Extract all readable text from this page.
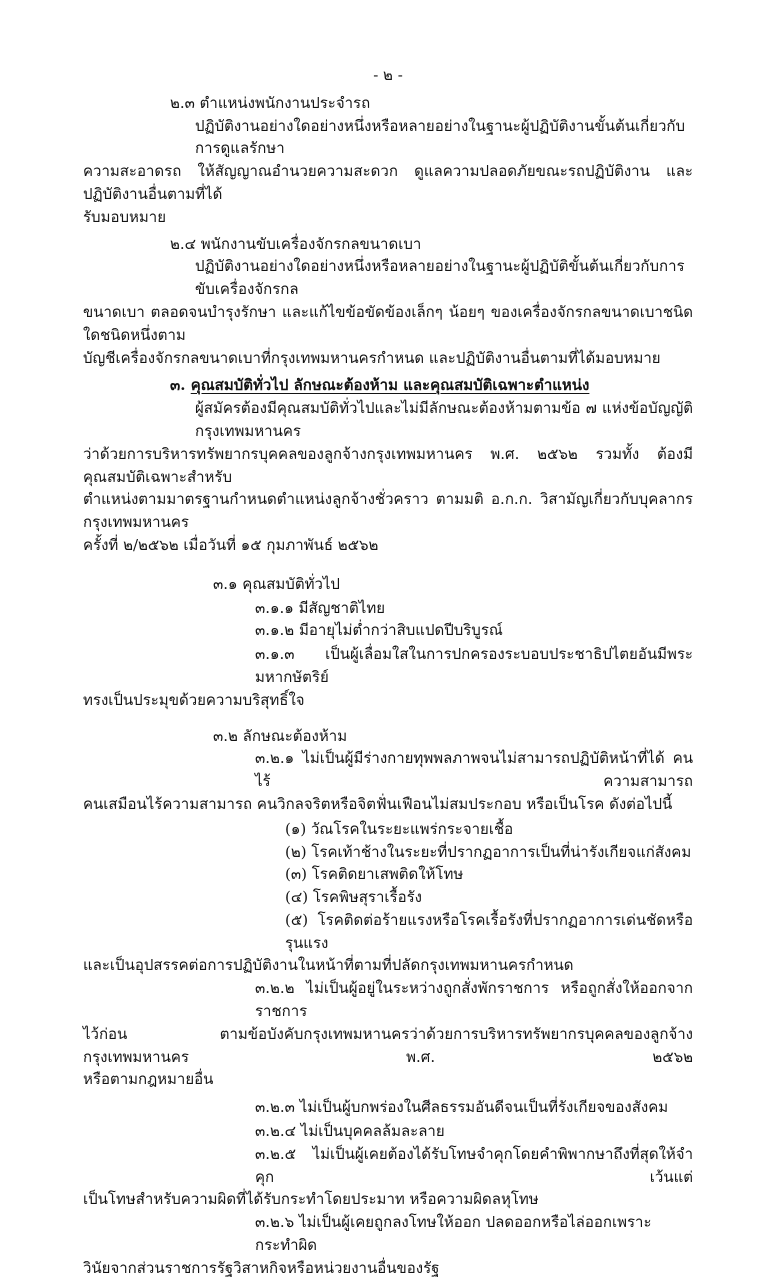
- ๒ -
๒.๓ ตำแหน่งพนักงานประจำรถ
ปฏิบัติงานอย่างใดอย่างหนึ่งหรือหลายอย่างในฐานะผู้ปฏิบัติงานขั้นต้นเกี่ยวกับการดูแลรักษา
ความสะอาดรถ ให้สัญญาณอำนวยความสะดวก ดูแลความปลอดภัยขณะรถปฏิบัติงาน และปฏิบัติงานอื่นตามที่ได้
รับมอบหมาย
๒.๔ พนักงานขับเครื่องจักรกลขนาดเบา
ปฏิบัติงานอย่างใดอย่างหนึ่งหรือหลายอย่างในฐานะผู้ปฏิบัติขั้นต้นเกี่ยวกับการขับเครื่องจักรกล
ขนาดเบา ตลอดจนบำรุงรักษา และแก้ไขข้อขัดข้องเล็กๆ น้อยๆ ของเครื่องจักรกลขนาดเบาชนิดใดชนิดหนึ่งตาม
บัญชีเครื่องจักรกลขนาดเบาที่กรุงเทพมหานครกำหนด และปฏิบัติงานอื่นตามที่ได้มอบหมาย
๓. คุณสมบัติทั่วไป ลักษณะต้องห้าม และคุณสมบัติเฉพาะตำแหน่ง
ผู้สมัครต้องมีคุณสมบัติทั่วไปและไม่มีลักษณะต้องห้ามตามข้อ ๗ แห่งข้อบัญญัติกรุงเทพมหานคร
ว่าด้วยการบริหารทรัพยากรบุคคลของลูกจ้างกรุงเทพมหานคร พ.ศ. ๒๕๖๒ รวมทั้ง ต้องมีคุณสมบัติเฉพาะสำหรับ
ตำแหน่งตามมาตรฐานกำหนดตำแหน่งลูกจ้างชั่วคราว ตามมติ อ.ก.ก. วิสามัญเกี่ยวกับบุคลากรกรุงเทพมหานคร
ครั้งที่ ๒/๒๕๖๒ เมื่อวันที่ ๑๕ กุมภาพันธ์ ๒๕๖๒
๓.๑ คุณสมบัติทั่วไป
๓.๑.๑ มีสัญชาติไทย
๓.๑.๒ มีอายุไม่ต่ำกว่าสิบแปดปีบริบูรณ์
๓.๑.๓ เป็นผู้เลื่อมใสในการปกครองระบอบประชาธิปไตยอันมีพระมหากษัตริย์
ทรงเป็นประมุขด้วยความบริสุทธิ์ใจ
๓.๒ ลักษณะต้องห้าม
๓.๒.๑ ไม่เป็นผู้มีร่างกายทุพพลภาพจนไม่สามารถปฏิบัติหน้าที่ได้ คนไร้ ความสามารถ
คนเสมือนไร้ความสามารถ คนวิกลจริตหรือจิตฟั่นเฟือนไม่สมประกอบ หรือเป็นโรค ดังต่อไปนี้
(๑) วัณโรคในระยะแพร่กระจายเชื้อ
(๒) โรคเท้าช้างในระยะที่ปรากฏอาการเป็นที่น่ารังเกียจแก่สังคม
(๓) โรคติดยาเสพติดให้โทษ
(๔) โรคพิษสุราเรื้อรัง
(๕) โรคติดต่อร้ายแรงหรือโรคเรื้อรังที่ปรากฏอาการเด่นชัดหรือรุนแรง
และเป็นอุปสรรคต่อการปฏิบัติงานในหน้าที่ตามที่ปลัดกรุงเทพมหานครกำหนด
๓.๒.๒ ไม่เป็นผู้อยู่ในระหว่างถูกสั่งพักราชการ หรือถูกสั่งให้ออกจากราชการ
ไว้ก่อน ตามข้อบังคับกรุงเทพมหานครว่าด้วยการบริหารทรัพยากรบุคคลของลูกจ้างกรุงเทพมหานคร พ.ศ. ๒๕๖๒
หรือตามกฎหมายอื่น
๓.๒.๓ ไม่เป็นผู้บกพร่องในศีลธรรมอันดีจนเป็นที่รังเกียจของสังคม
๓.๒.๔ ไม่เป็นบุคคลล้มละลาย
๓.๒.๕ ไม่เป็นผู้เคยต้องได้รับโทษจำคุกโดยคำพิพากษาถึงที่สุดให้จำคุก เว้นแต่
เป็นโทษสำหรับความผิดที่ได้รับกระทำโดยประมาท หรือความผิดลหุโทษ
๓.๒.๖ ไม่เป็นผู้เคยถูกลงโทษให้ออก ปลดออกหรือไล่ออกเพราะกระทำผิด
วินัยจากส่วนราชการรัฐวิสาหกิจหรือหน่วยงานอื่นของรัฐ
